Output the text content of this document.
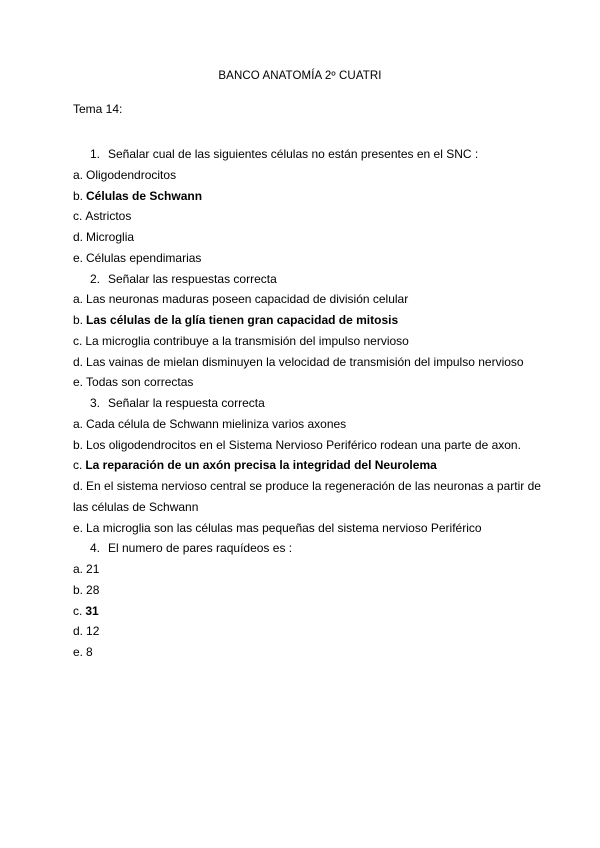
BANCO ANATOMÍA 2º CUATRI
Tema 14:
1. Señalar cual de las siguientes células no están presentes en el SNC :
a. Oligodendrocitos
b. Células de Schwann
c. Astrictos
d. Microglia
e. Células ependimarias
2. Señalar las respuestas correcta
a. Las neuronas maduras poseen capacidad de división celular
b. Las células de la glía tienen gran capacidad de mitosis
c. La microglia contribuye a la transmisión del impulso nervioso
d. Las vainas de mielan disminuyen la velocidad de transmisión del impulso nervioso
e. Todas son correctas
3. Señalar la respuesta correcta
a. Cada célula de Schwann mieliniza varios axones
b. Los oligodendrocitos en el Sistema Nervioso Periférico rodean una parte de axon.
c. La reparación de un axón precisa la integridad del Neurolema
d. En el sistema nervioso central se produce la regeneración de las neuronas a partir de las células de Schwann
e. La microglia son las células mas pequeñas del sistema nervioso Periférico
4. El numero de pares raquídeos es :
a. 21
b. 28
c. 31
d. 12
e. 8
